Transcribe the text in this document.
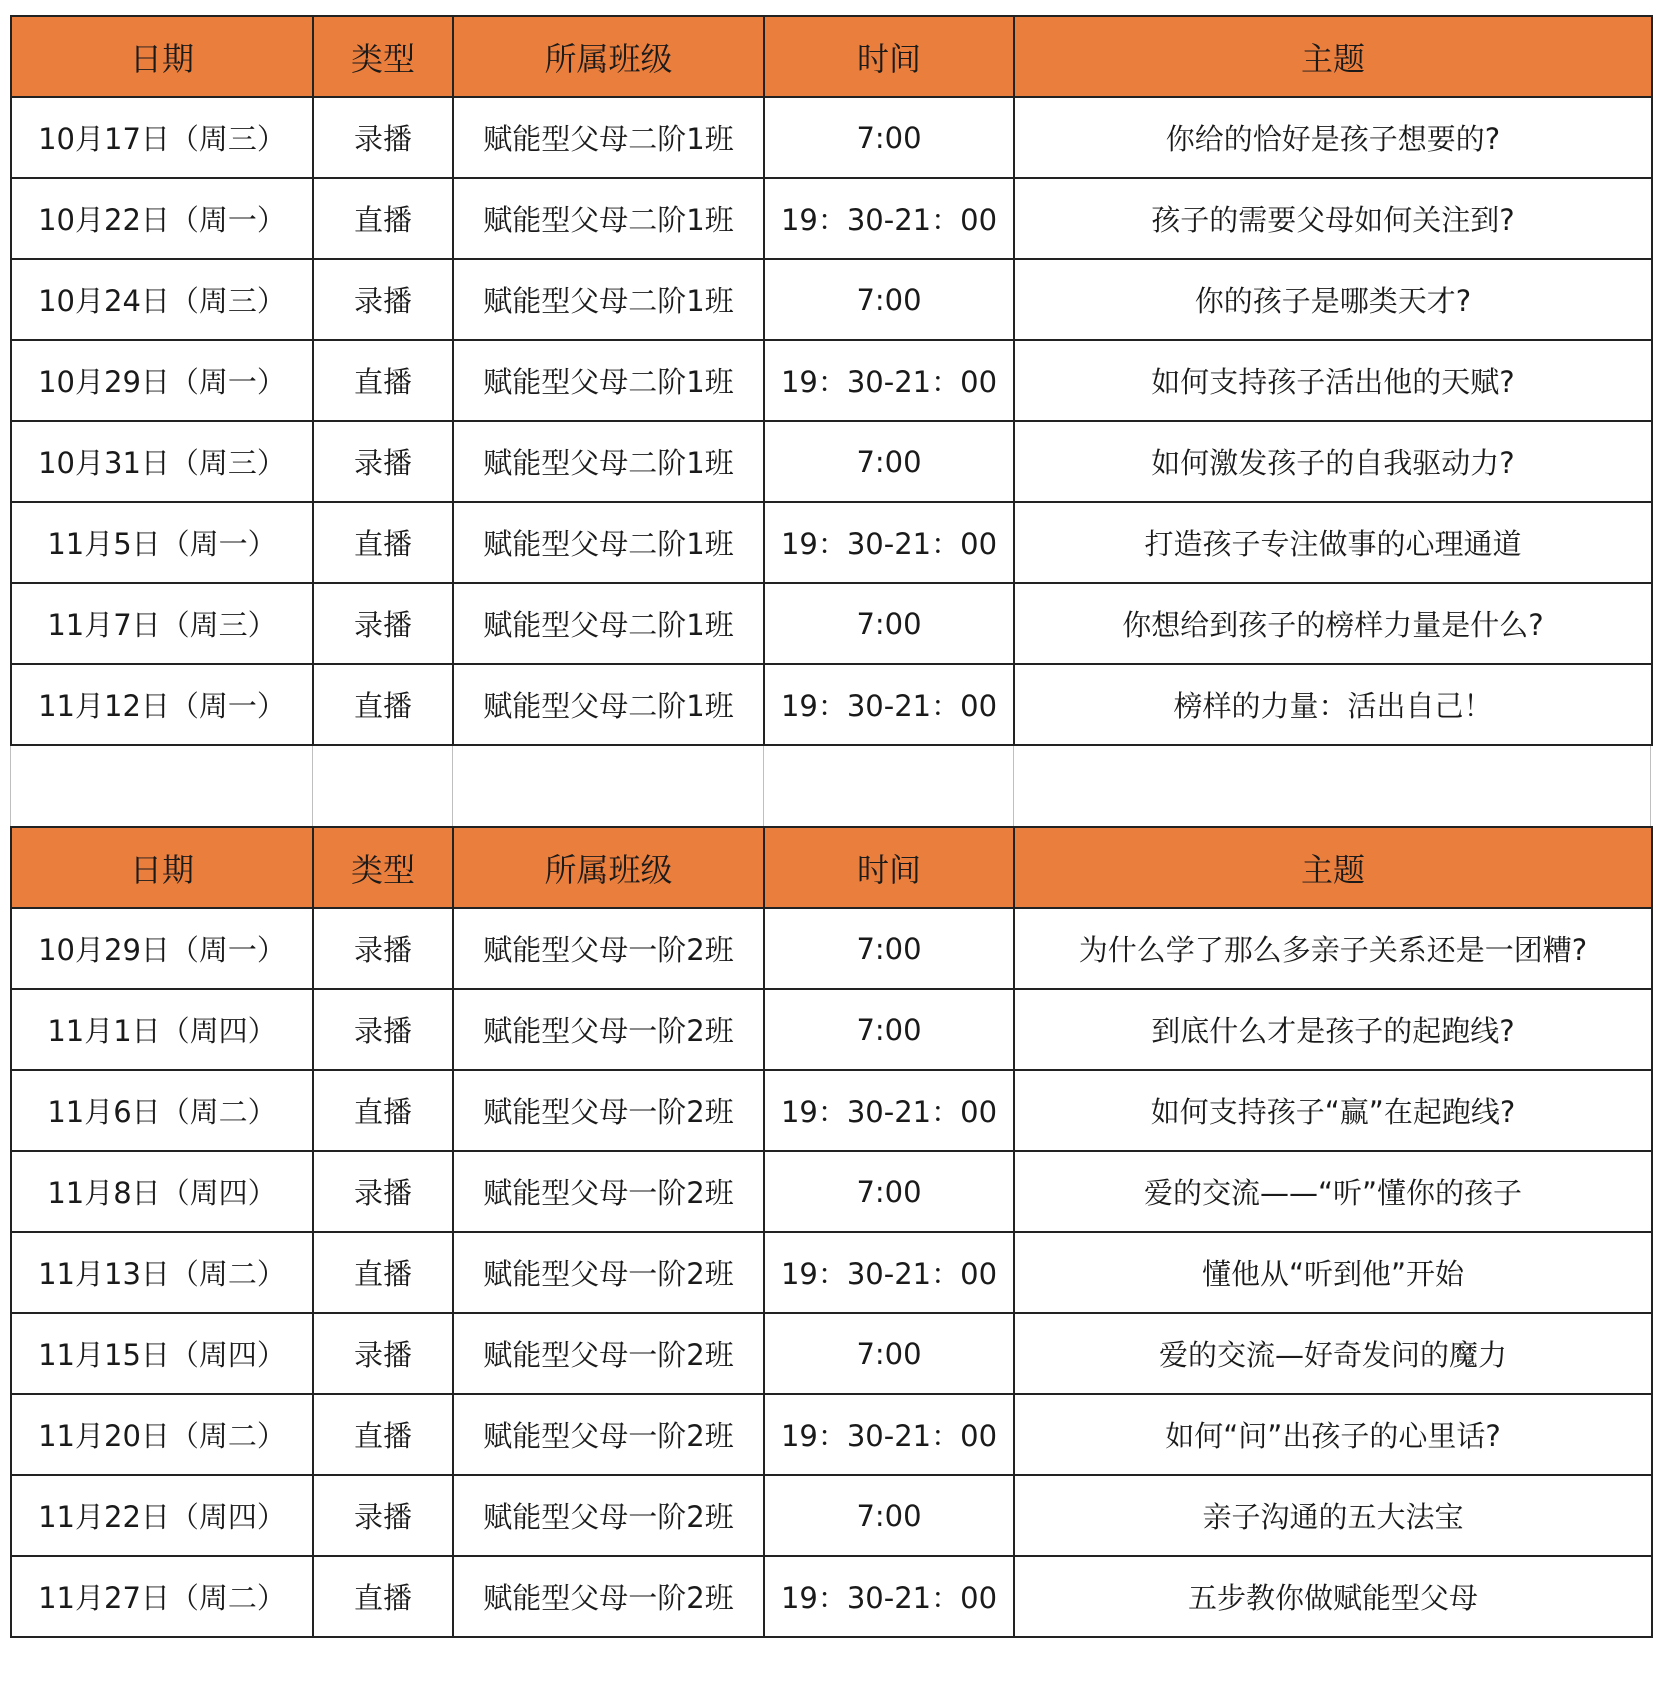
日期	类型	所属班级	时间	主题
10月17日（周三）	录播	赋能型父母二阶1班	7:00	你给的恰好是孩子想要的?
10月22日（周一）	直播	赋能型父母二阶1班	19：30-21：00	孩子的需要父母如何关注到?
10月24日（周三）	录播	赋能型父母二阶1班	7:00	你的孩子是哪类天才?
10月29日（周一）	直播	赋能型父母二阶1班	19：30-21：00	如何支持孩子活出他的天赋?
10月31日（周三）	录播	赋能型父母二阶1班	7:00	如何激发孩子的自我驱动力?
11月5日（周一）	直播	赋能型父母二阶1班	19：30-21：00	打造孩子专注做事的心理通道
11月7日（周三）	录播	赋能型父母二阶1班	7:00	你想给到孩子的榜样力量是什么?
11月12日（周一）	直播	赋能型父母二阶1班	19：30-21：00	榜样的力量：活出自己！
日期	类型	所属班级	时间	主题
10月29日（周一）	录播	赋能型父母一阶2班	7:00	为什么学了那么多亲子关系还是一团糟?
11月1日（周四）	录播	赋能型父母一阶2班	7:00	到底什么才是孩子的起跑线?
11月6日（周二）	直播	赋能型父母一阶2班	19：30-21：00	如何支持孩子“赢”在起跑线?
11月8日（周四）	录播	赋能型父母一阶2班	7:00	爱的交流——“听”懂你的孩子
11月13日（周二）	直播	赋能型父母一阶2班	19：30-21：00	懂他从“听到他”开始
11月15日（周四）	录播	赋能型父母一阶2班	7:00	爱的交流—好奇发问的魔力
11月20日（周二）	直播	赋能型父母一阶2班	19：30-21：00	如何“问”出孩子的心里话?
11月22日（周四）	录播	赋能型父母一阶2班	7:00	亲子沟通的五大法宝
11月27日（周二）	直播	赋能型父母一阶2班	19：30-21：00	五步教你做赋能型父母
